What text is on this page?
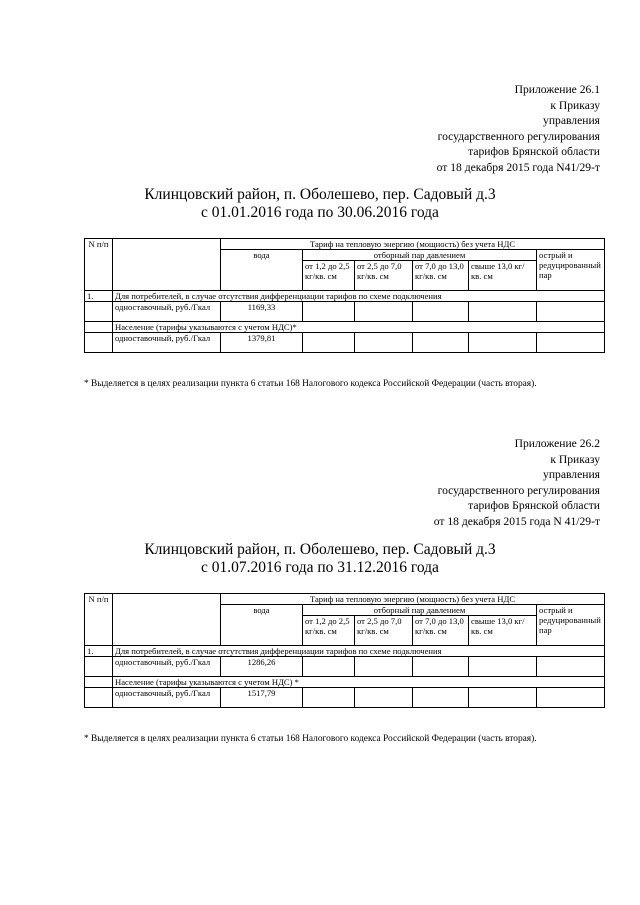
Приложение 26.1
к Приказу
управления
государственного регулирования
тарифов Брянской области
от 18 декабря 2015 года N41/29-т
Клинцовский район, п. Оболешево, пер. Садовый д.3
с 01.01.2016 года по 30.06.2016 года
N п/п		Тариф на тепловую энергию (мощность) без учета НДС					
		вода	отборный пар давлением				острый и редуцированный пар
			от 1,2 до 2,5 кг/кв. см	от 2,5 до 7,0 кг/кв. см	от 7,0 до 13,0 кг/кв. см	свыше 13,0 кг/кв. см	
1.	Для потребителей, в случае отсутствия дифференциации тарифов по схеме подключения						
	одноставочный, руб./Гкал	1169,33					
	Население (тарифы указываются с учетом НДС)*						
	одноставочный, руб./Гкал	1379,81					
* Выделяется в целях реализации пункта 6 статьи 168 Налогового кодекса Российской Федерации (часть вторая).
Приложение 26.2
к Приказу
управления
государственного регулирования
тарифов Брянской области
от 18 декабря 2015 года N 41/29-т
Клинцовский район, п. Оболешево, пер. Садовый д.3
с 01.07.2016 года по 31.12.2016 года
N п/п		Тариф на тепловую энергию (мощность) без учета НДС					
		вода	отборный пар давлением				острый и редуцированный пар
			от 1,2 до 2,5 кг/кв. см	от 2,5 до 7,0 кг/кв. см	от 7,0 до 13,0 кг/кв. см	свыше 13,0 кг/кв. см	
1.	Для потребителей, в случае отсутствия дифференциации тарифов по схеме подключения						
	одноставочный, руб./Гкал	1286,26					
	Население (тарифы указываются с учетом НДС) *						
	одноставочный, руб./Гкал	1517,79					
* Выделяется в целях реализации пункта 6 статьи 168 Налогового кодекса Российской Федерации (часть вторая).
